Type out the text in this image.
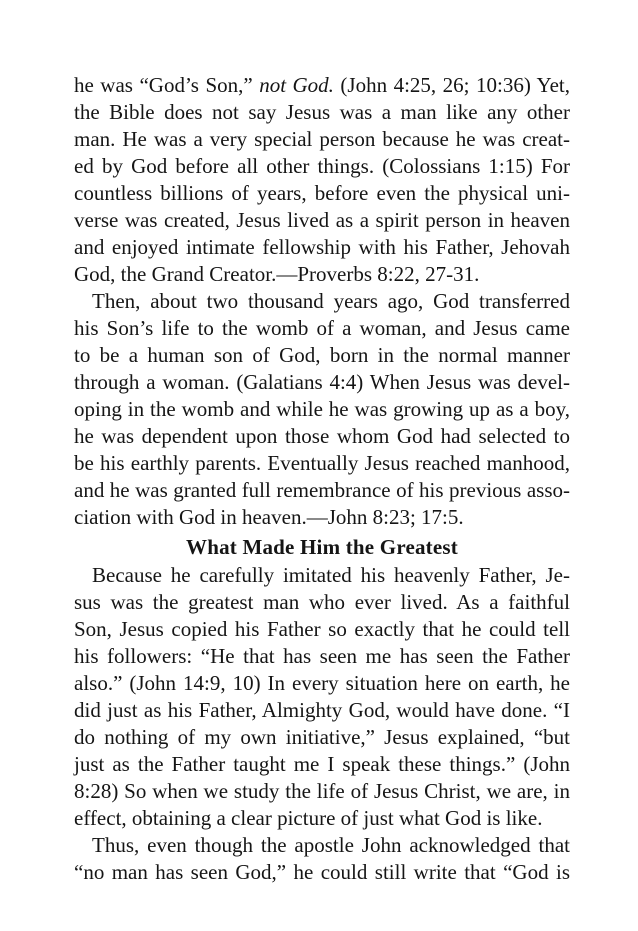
he was “God’s Son,” not God. (John 4:25, 26; 10:36) Yet,
the Bible does not say Jesus was a man like any other
man. He was a very special person because he was creat-
ed by God before all other things. (Colossians 1:15) For
countless billions of years, before even the physical uni-
verse was created, Jesus lived as a spirit person in heaven
and enjoyed intimate fellowship with his Father, Jehovah
God, the Grand Creator.—Proverbs 8:22, 27-31.
Then, about two thousand years ago, God transferred
his Son’s life to the womb of a woman, and Jesus came
to be a human son of God, born in the normal manner
through a woman. (Galatians 4:4) When Jesus was devel-
oping in the womb and while he was growing up as a boy,
he was dependent upon those whom God had selected to
be his earthly parents. Eventually Jesus reached manhood,
and he was granted full remembrance of his previous asso-
ciation with God in heaven.—John 8:23; 17:5.
What Made Him the Greatest
Because he carefully imitated his heavenly Father, Je-
sus was the greatest man who ever lived. As a faithful
Son, Jesus copied his Father so exactly that he could tell
his followers: “He that has seen me has seen the Father
also.” (John 14:9, 10) In every situation here on earth, he
did just as his Father, Almighty God, would have done. “I
do nothing of my own initiative,” Jesus explained, “but
just as the Father taught me I speak these things.” (John
8:28) So when we study the life of Jesus Christ, we are, in
effect, obtaining a clear picture of just what God is like.
Thus, even though the apostle John acknowledged that
“no man has seen God,” he could still write that “God is
